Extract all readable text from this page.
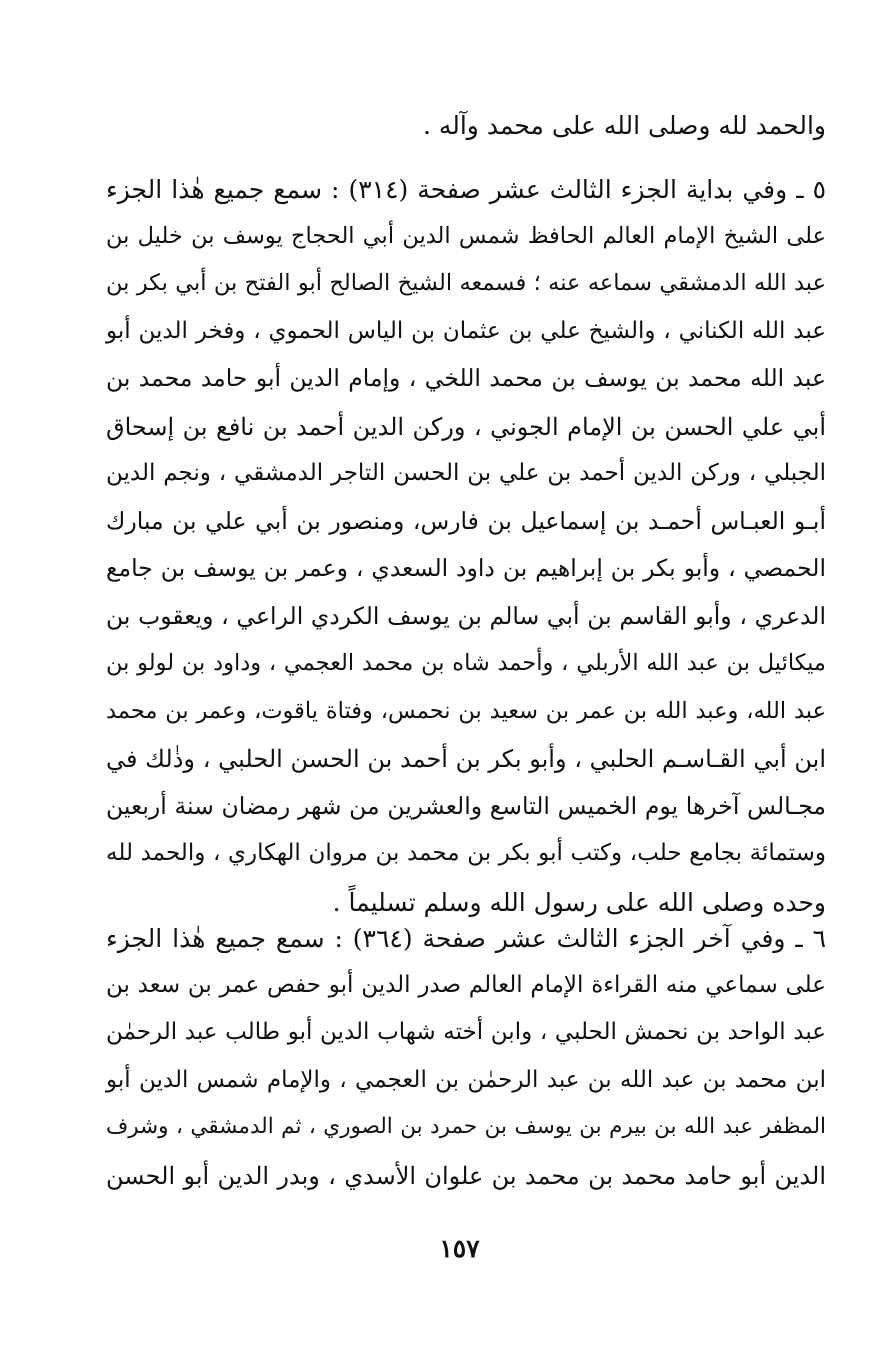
والحمد لله وصلى الله على محمد وآله .
٥ ـ وفي بداية الجزء الثالث عشر صفحة (٣١٤) : سمع جميع هٰذا الجزء
على الشيخ الإمام العالم الحافظ شمس الدين أبي الحجاج يوسف بن خليل بن
عبد الله الدمشقي سماعه عنه ؛ فسمعه الشيخ الصالح أبو الفتح بن أبي بكر بن
عبد الله الكناني ، والشيخ علي بن عثمان بن الياس الحموي ، وفخر الدين أبو
عبد الله محمد بن يوسف بن محمد اللخي ، وإمام الدين أبو حامد محمد بن
أبي علي الحسن بن الإمام الجوني ، وركن الدين أحمد بن نافع بن إسحاق
الجبلي ، وركن الدين أحمد بن علي بن الحسن التاجر الدمشقي ، ونجم الدين
أبـو العبـاس أحمـد بن إسماعيل بن فارس، ومنصور بن أبي علي بن مبارك
الحمصي ، وأبو بكر بن إبراهيم بن داود السعدي ، وعمر بن يوسف بن جامع
الدعري ، وأبو القاسم بن أبي سالم بن يوسف الكردي الراعي ، ويعقوب بن
ميكائيل بن عبد الله الأربلي ، وأحمد شاه بن محمد العجمي ، وداود بن لولو بن
عبد الله، وعبد الله بن عمر بن سعيد بن نحمس، وفتاة ياقوت، وعمر بن محمد
ابن أبي القـاسـم الحلبي ، وأبو بكر بن أحمد بن الحسن الحلبي ، وذٰلك في
مجـالس آخرها يوم الخميس التاسع والعشرين من شهر رمضان سنة أربعين
وستمائة بجامع حلب، وكتب أبو بكر بن محمد بن مروان الهكاري ، والحمد لله
وحده وصلى الله على رسول الله وسلم تسليماً .
٦ ـ وفي آخر الجزء الثالث عشر صفحة (٣٦٤) : سمع جميع هٰذا الجزء
على سماعي منه القراءة الإمام العالم صدر الدين أبو حفص عمر بن سعد بن
عبد الواحد بن نحمش الحلبي ، وابن أخته شهاب الدين أبو طالب عبد الرحمٰن
ابن محمد بن عبد الله بن عبد الرحمٰن بن العجمي ، والإمام شمس الدين أبو
المظفر عبد الله بن بيرم بن يوسف بن حمرد بن الصوري ، ثم الدمشقي ، وشرف
الدين أبو حامد محمد بن محمد بن علوان الأسدي ، وبدر الدين أبو الحسن
١٥٧
